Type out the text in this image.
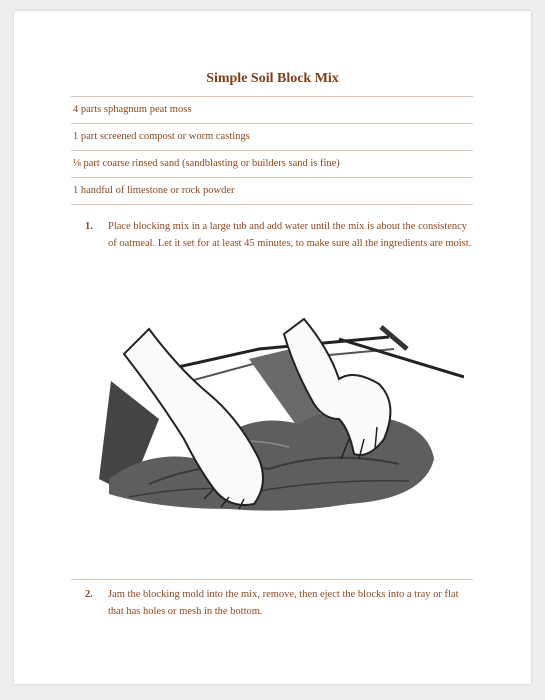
Simple Soil Block Mix
4 parts sphagnum peat moss
1 part screened compost or worm castings
⅛ part coarse rinsed sand (sandblasting or builders sand is fine)
1 handful of limestone or rock powder
1. Place blocking mix in a large tub and add water until the mix is about the consistency of oatmeal. Let it set for at least 45 minutes, to make sure all the ingredients are moist.
2. Jam the blocking mold into the mix, remove, then eject the blocks into a tray or flat that has holes or mesh in the bottom.
